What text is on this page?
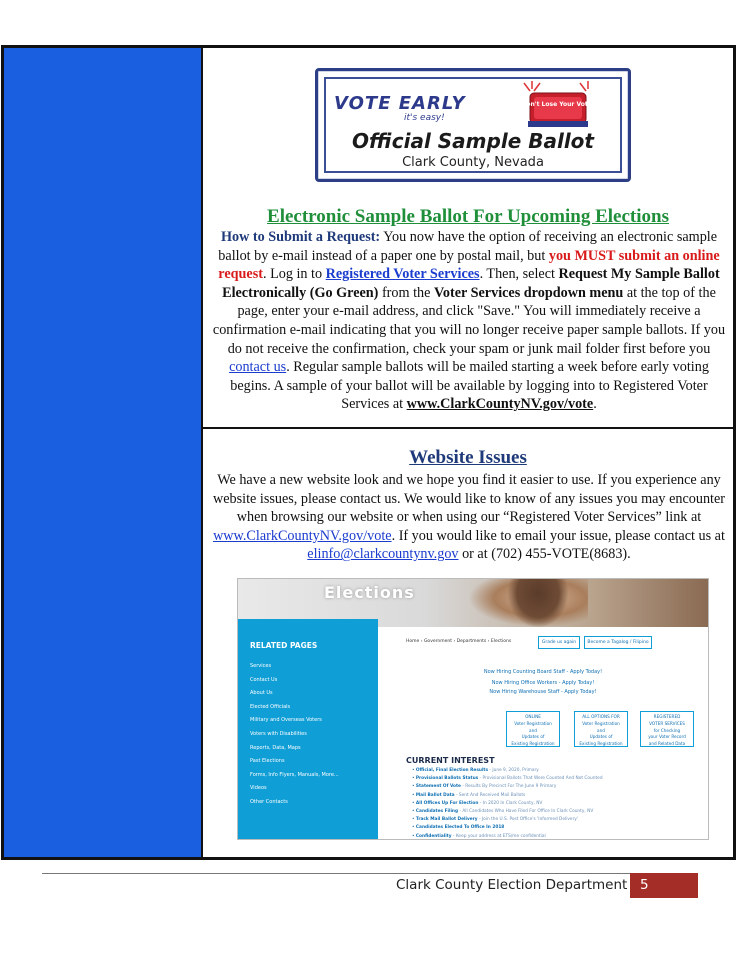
VOTE EARLY
it's easy!
Don't Lose Your Vote!
Official Sample Ballot
Clark County, Nevada
Electronic Sample Ballot For Upcoming Elections
How to Submit a Request: You now have the option of receiving an electronic sample ballot by e-mail instead of a paper one by postal mail, but you MUST submit an online request. Log in to Registered Voter Services. Then, select Request My Sample Ballot Electronically (Go Green) from the Voter Services dropdown menu at the top of the page, enter your e-mail address, and click "Save." You will immediately receive a confirmation e-mail indicating that you will no longer receive paper sample ballots. If you do not receive the confirmation, check your spam or junk mail folder first before you contact us. Regular sample ballots will be mailed starting a week before early voting begins. A sample of your ballot will be available by logging into to Registered Voter Services at www.ClarkCountyNV.gov/vote.
Website Issues
We have a new website look and we hope you find it easier to use. If you experience any website issues, please contact us. We would like to know of any issues you may encounter when browsing our website or when using our “Registered Voter Services” link at www.ClarkCountyNV.gov/vote. If you would like to email your issue, please contact us at elinfo@clarkcountynv.gov or at (702) 455-VOTE(8683).
Elections
RELATED PAGES
Services
Contact Us
About Us
Elected Officials
Military and Overseas Voters
Voters with Disabilities
Reports, Data, Maps
Past Elections
Forms, Info Flyers, Manuals, More...
Videos
Other Contacts
Home › Government › Departments › Elections	Grade us again	Become a Tagalog / Filipino
Now Hiring Counting Board Staff - Apply Today!
Now Hiring Office Workers - Apply Today!
Now Hiring Warehouse Staff - Apply Today!
ONLINE
Voter Registration
and
Updates of
Existing Registration
ALL OPTIONS FOR
Voter Registration
and
Updates of
Existing Registration
REGISTERED
VOTER SERVICES
for Checking
your Voter Record
and Related Data
CURRENT INTEREST
• Official, Final Election Results - June 9, 2020, Primary
• Provisional Ballots Status - Provisional Ballots That Were Counted And Not Counted
• Statement Of Vote - Results By Precinct For The June 9 Primary
• Mail Ballot Data - Sent And Received Mail Ballots
• All Offices Up For Election - In 2020 In Clark County, NV
• Candidates Filing - All Candidates Who Have Filed For Office In Clark County, NV
• Track Mail Ballot Delivery - Join the U.S. Post Office's 'Informed Delivery'
• Candidates Elected To Office In 2018
• Confidentiality - Keep your address at ETS/me confidential
Clark County Election Department 5
